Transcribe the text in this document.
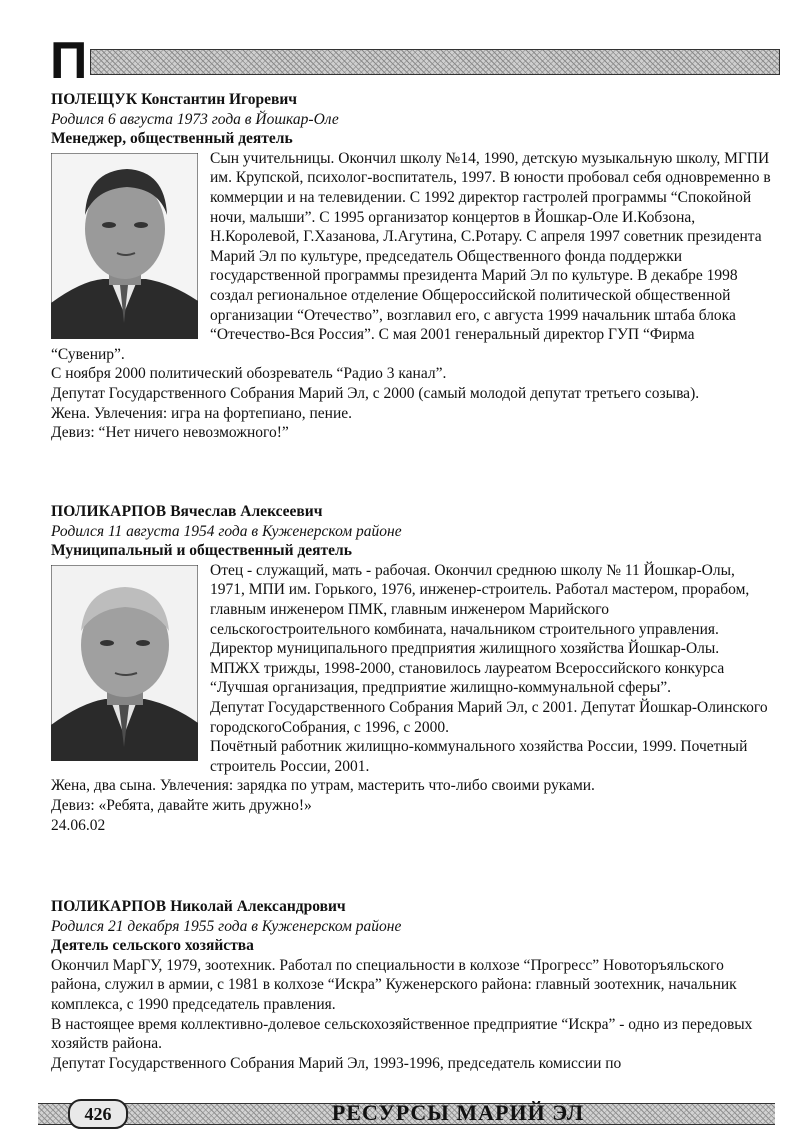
П

ПОЛЕЩУК Константин Игоревич

Родился 6 августа 1973 года в Йошкар-Оле

Менеджер, общественный деятель

Сын учительницы. Окончил школу №14, 1990, детскую музыкальную школу, МГПИ им. Крупской, психолог-воспитатель, 1997. В юности пробовал себя одновременно в коммерции и на телевидении. С 1992 директор гастролей программы “Спокойной ночи, малыши”. С 1995 организатор концертов в Йошкар-Оле И.Кобзона, Н.Королевой, Г.Хазанова, Л.Агутина, С.Ротару. С апреля 1997 советник президента Марий Эл по культуре, председатель Общественного фонда поддержки государственной программы президента Марий Эл по культуре. В декабре 1998 создал региональное отделение Общероссийской политической общественной организации “Отечество”, возглавил его, с августа 1999 начальник штаба блока “Отечество-Вся Россия”. С мая 2001 генеральный директор ГУП “Фирма “Сувенир”.

С ноября 2000 политический обозреватель “Радио 3 канал”.

Депутат Государственного Собрания Марий Эл, с 2000 (самый молодой депутат третьего созыва).

Жена. Увлечения: игра на фортепиано, пение.

Девиз: “Нет ничего невозможного!”

ПОЛИКАРПОВ Вячеслав Алексеевич

Родился 11 августа 1954 года в Куженерском районе

Муниципальный и общественный деятель

Отец - служащий, мать - рабочая. Окончил среднюю школу № 11 Йошкар-Олы, 1971, МПИ им. Горького, 1976, инженер-строитель. Работал мастером, прорабом, главным инженером ПМК, главным инженером Марийского сельскогостроительного комбината, начальником строительного управления. Директор муниципального предприятия жилищного хозяйства Йошкар-Олы.

МПЖХ трижды, 1998-2000, становилось лауреатом Всероссийского конкурса “Лучшая организация, предприятие жилищно-коммунальной сферы”.

Депутат Государственного Собрания Марий Эл, с 2001. Депутат Йошкар-Олинского городскогоСобрания, с 1996, с 2000.

Почётный работник жилищно-коммунального хозяйства России, 1999. Почетный строитель России, 2001.

Жена, два сына. Увлечения: зарядка по утрам, мастерить что-либо своими руками.

Девиз: «Ребята, давайте жить дружно!»

24.06.02

ПОЛИКАРПОВ Николай Александрович

Родился 21 декабря 1955 года в Куженерском районе

Деятель сельского хозяйства

Окончил МарГУ, 1979, зоотехник. Работал по специальности в колхозе “Прогресс” Новоторъяльского района, служил в армии, с 1981 в колхозе “Искра” Куженерского района: главный зоотехник, начальник комплекса, с 1990 председатель правления.

В настоящее время коллективно-долевое сельскохозяйственное предприятие “Искра” - одно из передовых хозяйств района.

Депутат Государственного Собрания Марий Эл, 1993-1996, председатель комиссии по

426	РЕСУРСЫ МАРИЙ ЭЛ
